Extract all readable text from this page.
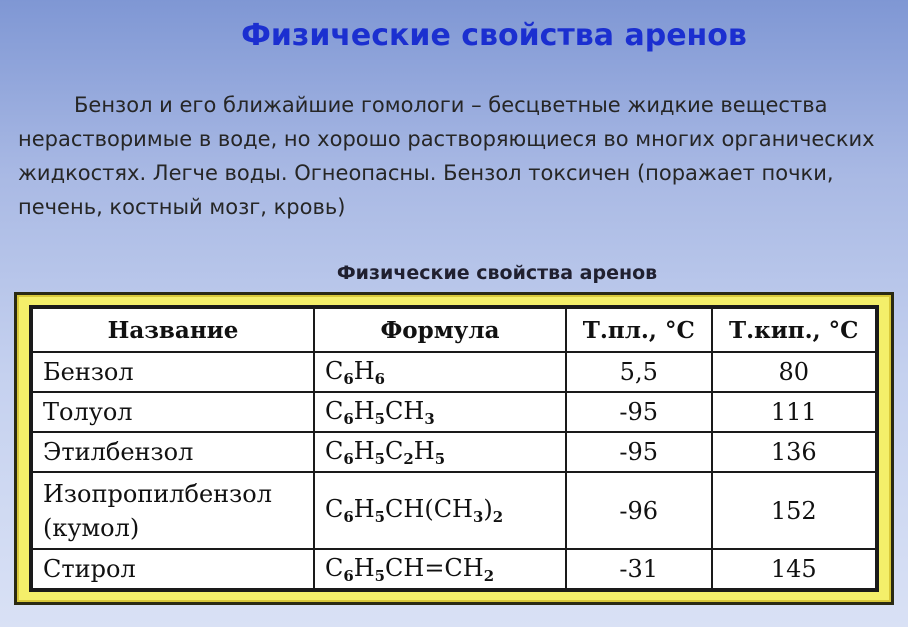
Физические свойства аренов

Бензол и его ближайшие гомологи – бесцветные жидкие вещества нерастворимые в воде, но хорошо растворяющиеся во многих органических жидкостях. Легче воды. Огнеопасны. Бензол токсичен (поражает почки, печень, костный мозг, кровь)

Физические свойства аренов
Название	Формула	Т.пл., °С	Т.кип., °С

Бензол	$C_6H_6$	5,5	80

Толуол	$C_6H_5CH_3$	-95	111

Этилбензол	$C_6H_5C_2H_5$	-95	136

Изопропилбензол
(кумол)	$C_6H_5CH(CH_3)_2$	-96	152

Стирол	$C_6H_5CH=CH_2$	-31	145
